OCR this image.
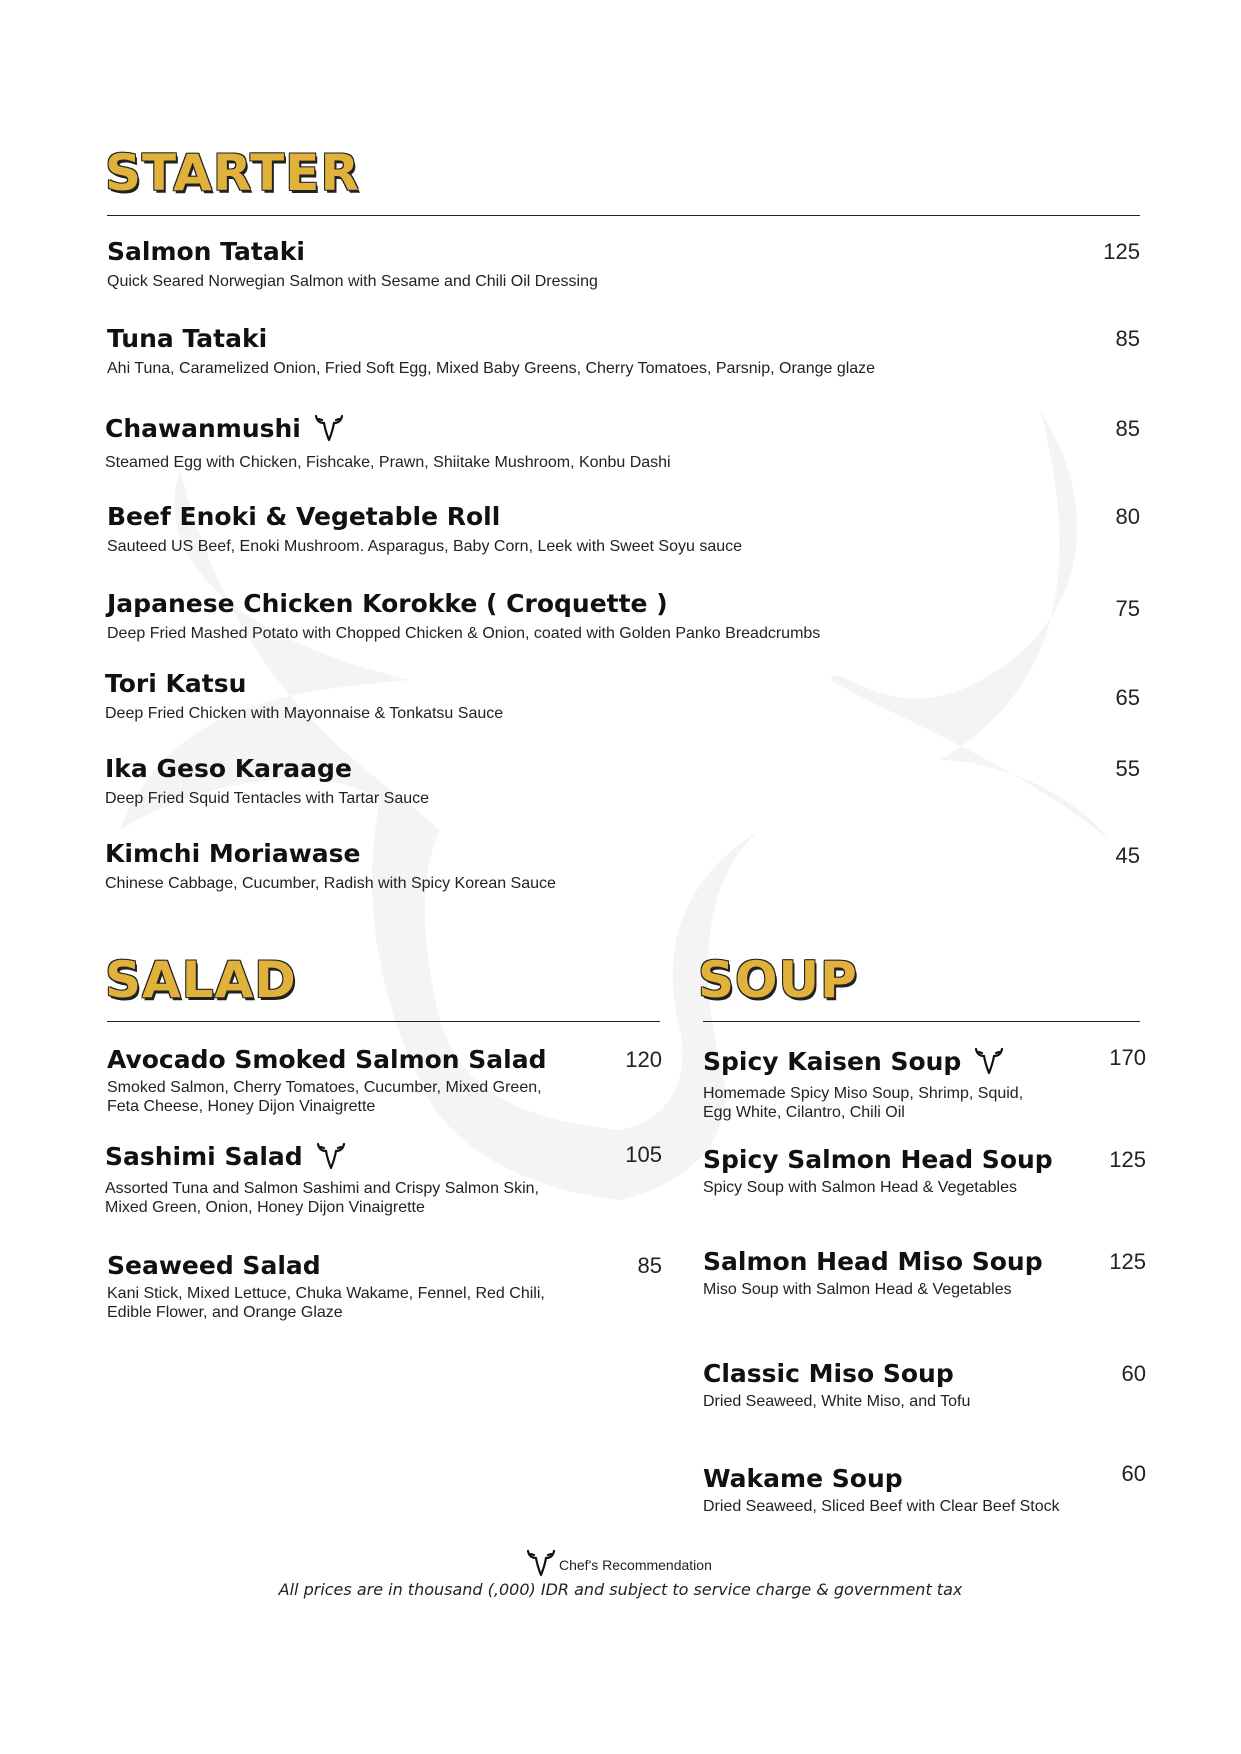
STARTER
Salmon Tataki
Quick Seared Norwegian Salmon with Sesame and Chili Oil Dressing
125
Tuna Tataki
Ahi Tuna, Caramelized Onion, Fried Soft Egg, Mixed Baby Greens, Cherry Tomatoes, Parsnip, Orange glaze
85
Chawanmushi
Steamed Egg with Chicken, Fishcake, Prawn, Shiitake Mushroom, Konbu Dashi
85
Beef Enoki & Vegetable Roll
Sauteed US Beef, Enoki Mushroom. Asparagus, Baby Corn, Leek with Sweet Soyu sauce
80
Japanese Chicken Korokke ( Croquette )
Deep Fried Mashed Potato with Chopped Chicken & Onion, coated with Golden Panko Breadcrumbs
75
Tori Katsu
Deep Fried Chicken with Mayonnaise & Tonkatsu Sauce
65
Ika Geso Karaage
Deep Fried Squid Tentacles with Tartar Sauce
55
Kimchi Moriawase
Chinese Cabbage, Cucumber, Radish with Spicy Korean Sauce
45
SALAD
Avocado Smoked Salmon Salad
Smoked Salmon, Cherry Tomatoes, Cucumber, Mixed Green,
Feta Cheese, Honey Dijon Vinaigrette
120
Sashimi Salad
Assorted Tuna and Salmon Sashimi and Crispy Salmon Skin,
Mixed Green, Onion, Honey Dijon Vinaigrette
105
Seaweed Salad
Kani Stick, Mixed Lettuce, Chuka Wakame, Fennel, Red Chili,
Edible Flower, and Orange Glaze
85
SOUP
Spicy Kaisen Soup
Homemade Spicy Miso Soup, Shrimp, Squid,
Egg White, Cilantro, Chili Oil
170
Spicy Salmon Head Soup
Spicy Soup with Salmon Head & Vegetables
125
Salmon Head Miso Soup
Miso Soup with Salmon Head & Vegetables
125
Classic Miso Soup
Dried Seaweed, White Miso, and Tofu
60
Wakame Soup
Dried Seaweed, Sliced Beef with Clear Beef Stock
60
Chef's Recommendation
All prices are in thousand (,000) IDR and subject to service charge & government tax
